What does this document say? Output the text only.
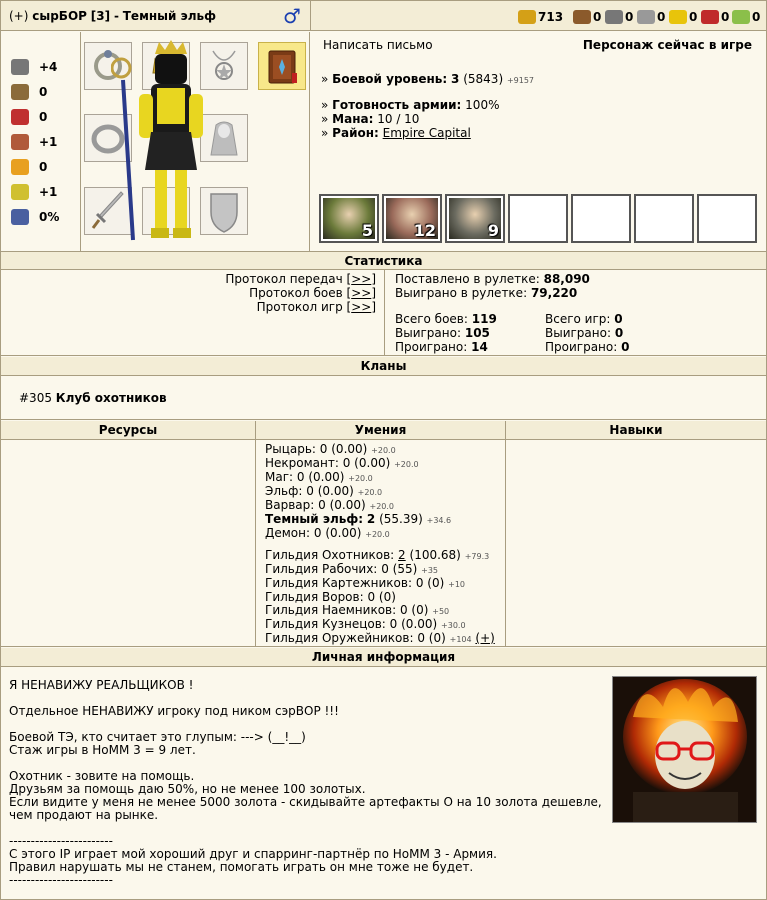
(+) сырБОР [3] - Темный эльф	♂	713 0 0 0 0 0 0
+4
0
0
+1
0
+1
0%
Написать письмо	Персонаж сейчас в игре
» Боевой уровень: 3 (5843) +9157
» Готовность армии: 100%
» Мана: 10 / 10
» Район: Empire Capital
5	12	9
Статистика
Протокол передач [>>]
Протокол боев [>>]
Протокол игр [>>]
Поставлено в рулетке: 88,090
Выиграно в рулетке: 79,220
Всего боев: 119
Выиграно: 105
Проиграно: 14
Всего игр: 0
Выиграно: 0
Проиграно: 0
Кланы
#305 Клуб охотников
Ресурсы	Умения	Навыки
Рыцарь: 0 (0.00) +20.0
Некромант: 0 (0.00) +20.0
Маг: 0 (0.00) +20.0
Эльф: 0 (0.00) +20.0
Варвар: 0 (0.00) +20.0
Темный эльф: 2 (55.39) +34.6
Демон: 0 (0.00) +20.0
Гильдия Охотников: 2 (100.68) +79.3
Гильдия Рабочих: 0 (55) +35
Гильдия Картежников: 0 (0) +10
Гильдия Воров: 0 (0)
Гильдия Наемников: 0 (0) +50
Гильдия Кузнецов: 0 (0.00) +30.0
Гильдия Оружейников: 0 (0) +104 (+)
Личная информация
Я НЕНАВИЖУ РЕАЛЬЩИКОВ !
Отдельное НЕНАВИЖУ игроку под ником сэрВОР !!!
Боевой ТЭ, кто считает это глупым: ---> (__!__)
Стаж игры в HoMM 3 = 9 лет.
Охотник - зовите на помощь.
Друзьям за помощь даю 50%, но не менее 100 золотых.
Если видите у меня не менее 5000 золота - скидывайте артефакты О на 10 золота дешевле,
чем продают на рынке.
------------------------
С этого IP играет мой хороший друг и спарринг-партнёр по HoMM 3 - Армия.
Правил нарушать мы не станем, помогать играть он мне тоже не будет.
------------------------
